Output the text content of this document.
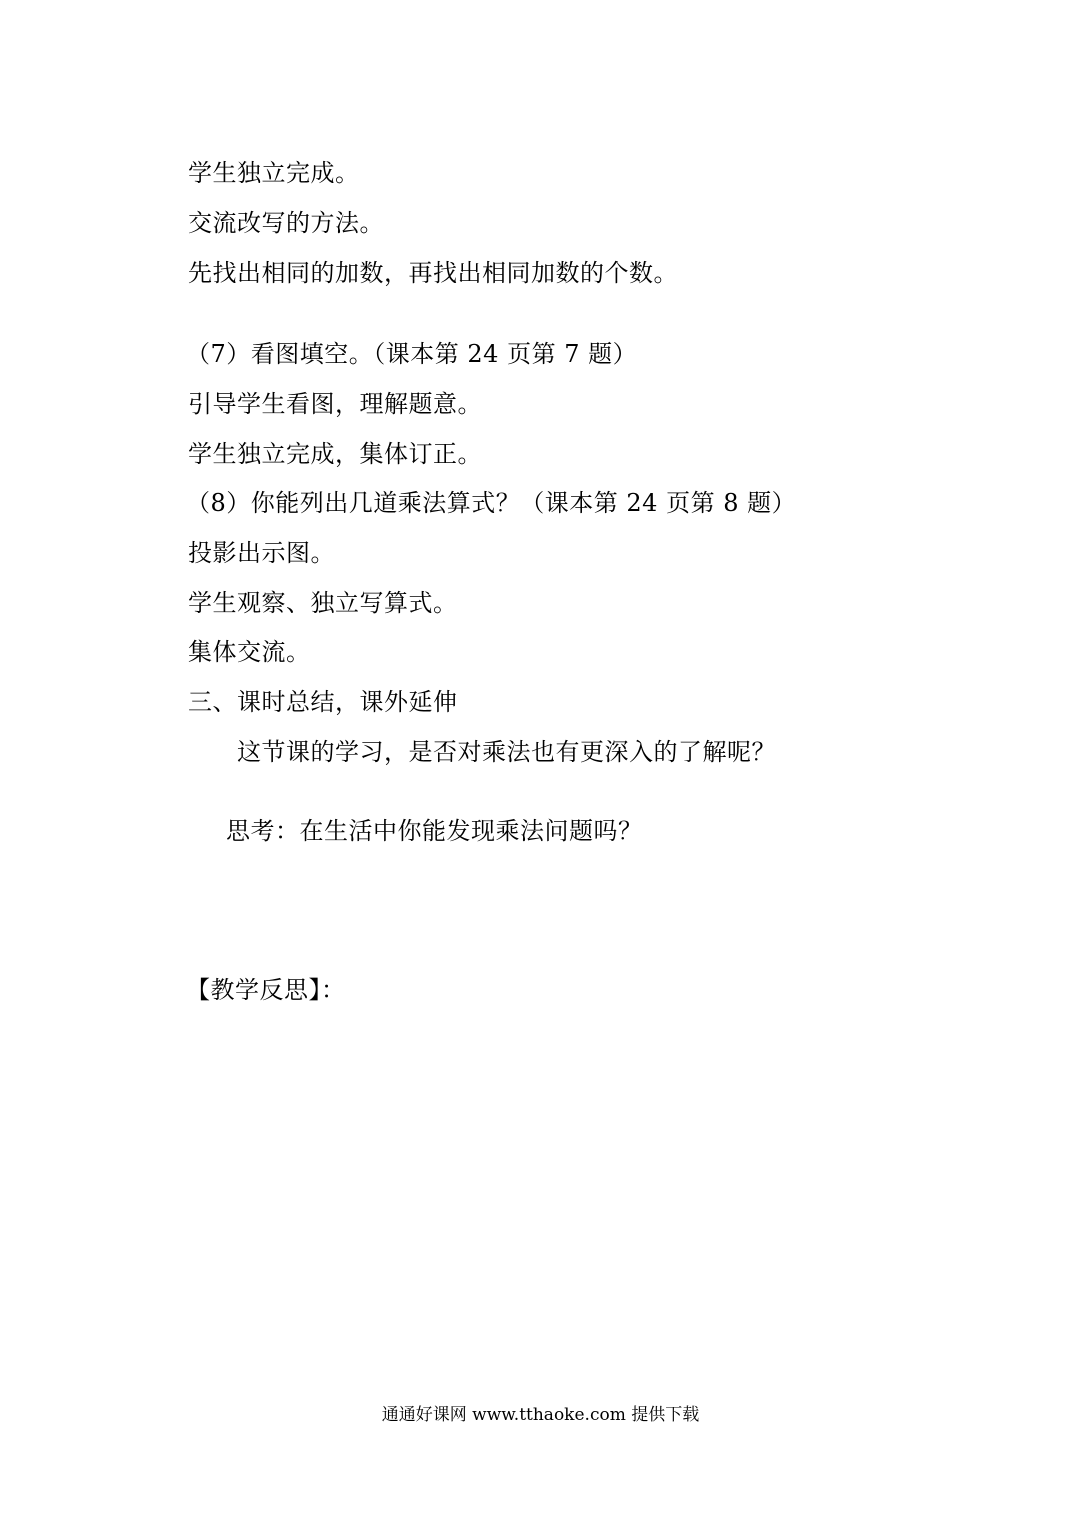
学生独立完成。
交流改写的方法。
先找出相同的加数，再找出相同加数的个数。
（7）看图填空。（课本第 24 页第 7 题）
引导学生看图，理解题意。
学生独立完成，集体订正。
（8）你能列出几道乘法算式？（课本第 24 页第 8 题）
投影出示图。
学生观察、独立写算式。
集体交流。
三、课时总结，课外延伸
这节课的学习，是否对乘法也有更深入的了解呢？
思考：在生活中你能发现乘法问题吗？
【教学反思】：
通通好课网 www.tthaoke.com 提供下载
